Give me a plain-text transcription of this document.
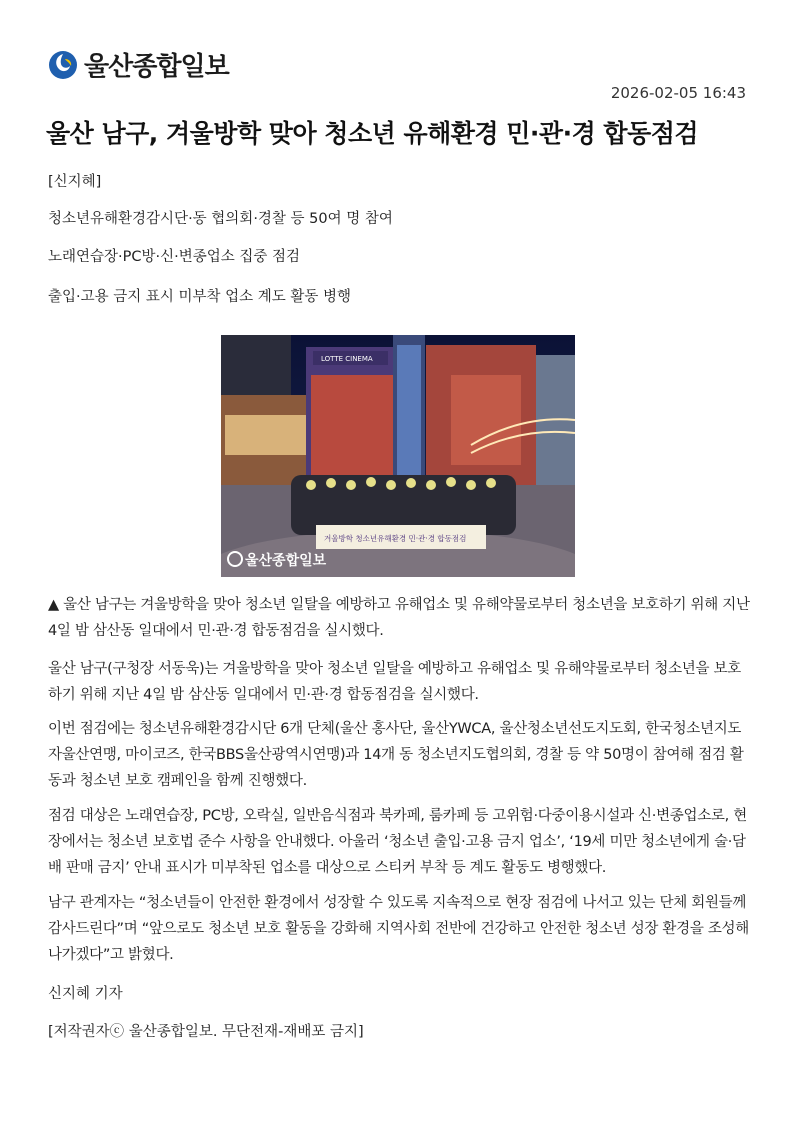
울산종합일보
2026-02-05 16:43
울산 남구, 겨울방학 맞아 청소년 유해환경 민·관·경 합동점검

[신지혜]

청소년유해환경감시단·동 협의회·경찰 등 50여 명 참여

노래연습장·PC방·신·변종업소 집중 점검

출입·고용 금지 표시 미부착 업소 계도 활동 병행

LOTTE CINEMA
겨울방학 청소년유해환경 민·관·경 합동점검
울산종합일보

▲ 울산 남구는 겨울방학을 맞아 청소년 일탈을 예방하고 유해업소 및 유해약물로부터 청소년을 보호하기 위해 지난 4일 밤 삼산동 일대에서 민·관·경 합동점검을 실시했다.

울산 남구(구청장 서동욱)는 겨울방학을 맞아 청소년 일탈을 예방하고 유해업소 및 유해약물로부터 청소년을 보호하기 위해 지난 4일 밤 삼산동 일대에서 민·관·경 합동점검을 실시했다.

이번 점검에는 청소년유해환경감시단 6개 단체(울산 홍사단, 울산YWCA, 울산청소년선도지도회, 한국청소년지도자울산연맹, 마이코즈, 한국BBS울산광역시연맹)과 14개 동 청소년지도협의회, 경찰 등 약 50명이 참여해 점검 활동과 청소년 보호 캠페인을 함께 진행했다.

점검 대상은 노래연습장, PC방, 오락실, 일반음식점과 북카페, 룸카페 등 고위험·다중이용시설과 신·변종업소로, 현장에서는 청소년 보호법 준수 사항을 안내했다. 아울러 ‘청소년 출입·고용 금지 업소’, ‘19세 미만 청소년에게 술·담배 판매 금지’ 안내 표시가 미부착된 업소를 대상으로 스티커 부착 등 계도 활동도 병행했다.

남구 관계자는 “청소년들이 안전한 환경에서 성장할 수 있도록 지속적으로 현장 점검에 나서고 있는 단체 회원들께 감사드린다”며 “앞으로도 청소년 보호 활동을 강화해 지역사회 전반에 건강하고 안전한 청소년 성장 환경을 조성해 나가겠다”고 밝혔다.

신지혜 기자

[저작권자ⓒ 울산종합일보. 무단전재-재배포 금지]
